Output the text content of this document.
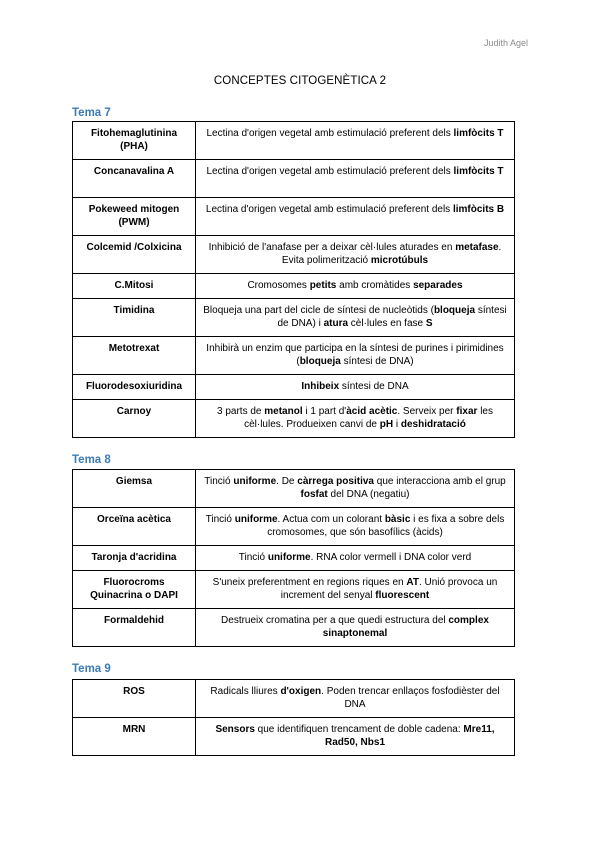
Judith Agel
CONCEPTES CITOGENÈTICA 2
Tema 7
Fitohemaglutinina (PHA)	Lectina d'origen vegetal amb estimulació preferent dels limfòcits T
Concanavalina A	Lectina d'origen vegetal amb estimulació preferent dels limfòcits T
Pokeweed mitogen (PWM)	Lectina d'origen vegetal amb estimulació preferent dels limfòcits B
Colcemid /Colxicina	Inhibició de l'anafase per a deixar cèl·lules aturades en metafase. Evita polimerització microtúbuls
C.Mitosi	Cromosomes petits amb cromàtides separades
Timidina	Bloqueja una part del cicle de síntesi de nucleòtids (bloqueja síntesi de DNA) i atura cèl·lules en fase S
Metotrexat	Inhibirà un enzim que participa en la síntesi de purines i pirimidines (bloqueja síntesi de DNA)
Fluorodesoxiuridina	Inhibeix síntesi de DNA
Carnoy	3 parts de metanol i 1 part d'àcid acètic. Serveix per fixar les cèl·lules. Produeixen canvi de pH i deshidratació
Tema 8
Giemsa	Tinció uniforme. De càrrega positiva que interacciona amb el grup fosfat del DNA (negatiu)
Orceïna acètica	Tinció uniforme. Actua com un colorant bàsic i es fixa a sobre dels cromosomes, que són basofílics (àcids)
Taronja d'acridina	Tinció uniforme. RNA color vermell i DNA color verd
Fluorocroms Quinacrina o DAPI	S'uneix preferentment en regions riques en AT. Unió provoca un increment del senyal fluorescent
Formaldehid	Destrueix cromatina per a que quedi estructura del complex sinaptonemal
Tema 9
ROS	Radicals lliures d'oxigen. Poden trencar enllaços fosfodièster del DNA
MRN	Sensors que identifiquen trencament de doble cadena: Mre11, Rad50, Nbs1
